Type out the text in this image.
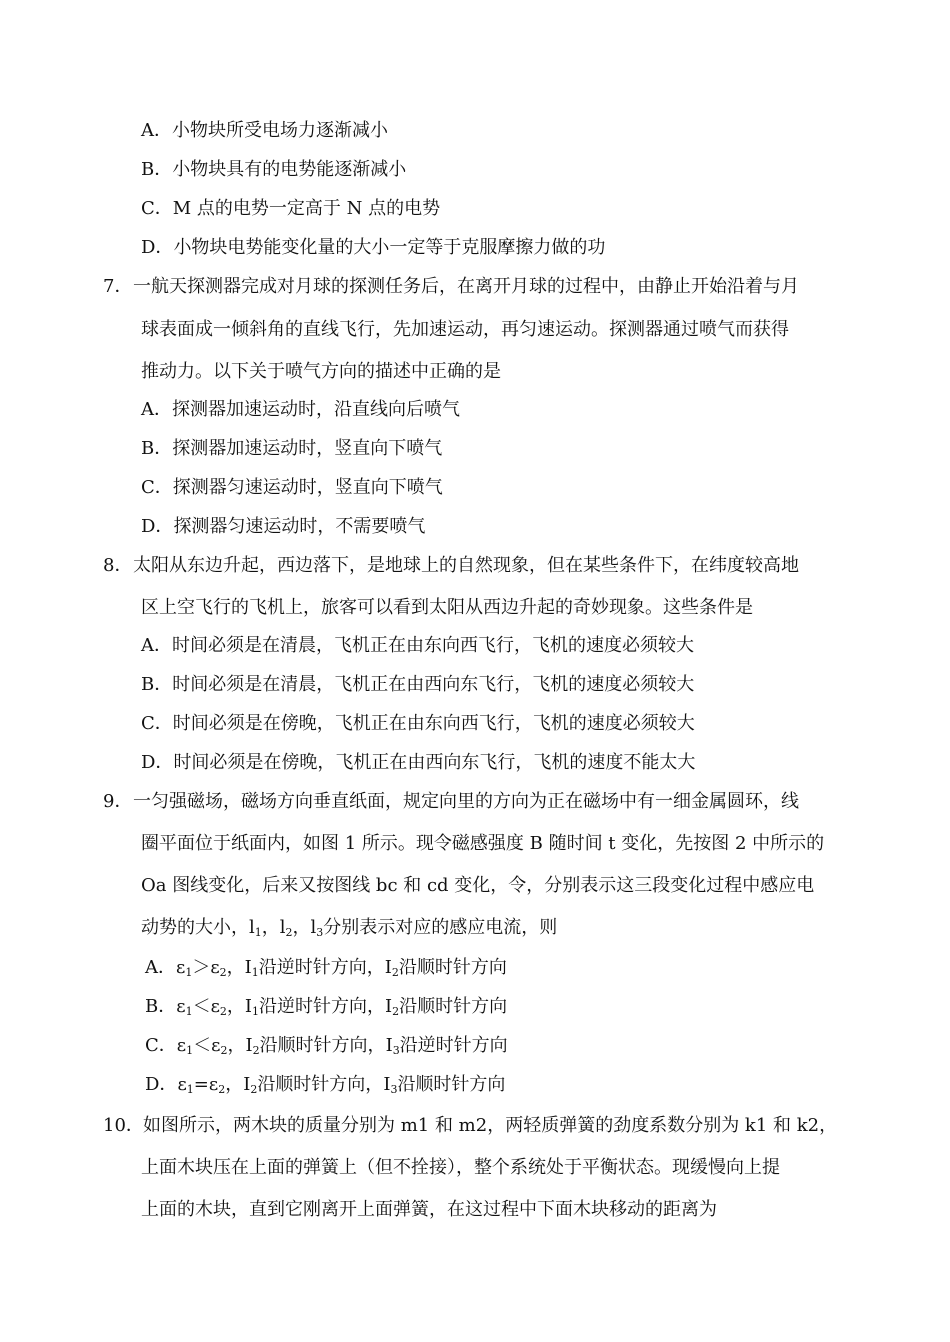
A．小物块所受电场力逐渐减小
B．小物块具有的电势能逐渐减小
C．M 点的电势一定高于 N 点的电势
D．小物块电势能变化量的大小一定等于克服摩擦力做的功
7． 一航天探测器完成对月球的探测任务后，在离开月球的过程中，由静止开始沿着与月
球表面成一倾斜角的直线飞行，先加速运动，再匀速运动。探测器通过喷气而获得
推动力。以下关于喷气方向的描述中正确的是
A．探测器加速运动时，沿直线向后喷气
B．探测器加速运动时，竖直向下喷气
C．探测器匀速运动时，竖直向下喷气
D．探测器匀速运动时，不需要喷气
8． 太阳从东边升起，西边落下，是地球上的自然现象，但在某些条件下，在纬度较高地
区上空飞行的飞机上，旅客可以看到太阳从西边升起的奇妙现象。这些条件是
A．时间必须是在清晨，飞机正在由东向西飞行，飞机的速度必须较大
B．时间必须是在清晨，飞机正在由西向东飞行，飞机的速度必须较大
C．时间必须是在傍晚，飞机正在由东向西飞行，飞机的速度必须较大
D．时间必须是在傍晚，飞机正在由西向东飞行，飞机的速度不能太大
9． 一匀强磁场，磁场方向垂直纸面，规定向里的方向为正在磁场中有一细金属圆环，线
圈平面位于纸面内，如图 1 所示。现令磁感强度 B 随时间 t 变化，先按图 2 中所示的
Oa 图线变化，后来又按图线 bc 和 cd 变化，令，分别表示这三段变化过程中感应电
动势的大小，$l_1$，$l_2$，$l_3$分别表示对应的感应电流，则
A．$\varepsilon_1>\varepsilon_2$，$I_1$沿逆时针方向，$I_2$沿顺时针方向
B．$\varepsilon_1<\varepsilon_2$，$I_1$沿逆时针方向，$I_2$沿顺时针方向
C．$\varepsilon_1<\varepsilon_2$，$I_2$沿顺时针方向，$I_3$沿逆时针方向
D．$\varepsilon_1=\varepsilon_2$，$I_2$沿顺时针方向，$I_3$沿顺时针方向
10． 如图所示，两木块的质量分别为 m1 和 m2，两轻质弹簧的劲度系数分别为 k1 和 k2，
上面木块压在上面的弹簧上（但不拴接），整个系统处于平衡状态。现缓慢向上提
上面的木块，直到它刚离开上面弹簧，在这过程中下面木块移动的距离为
